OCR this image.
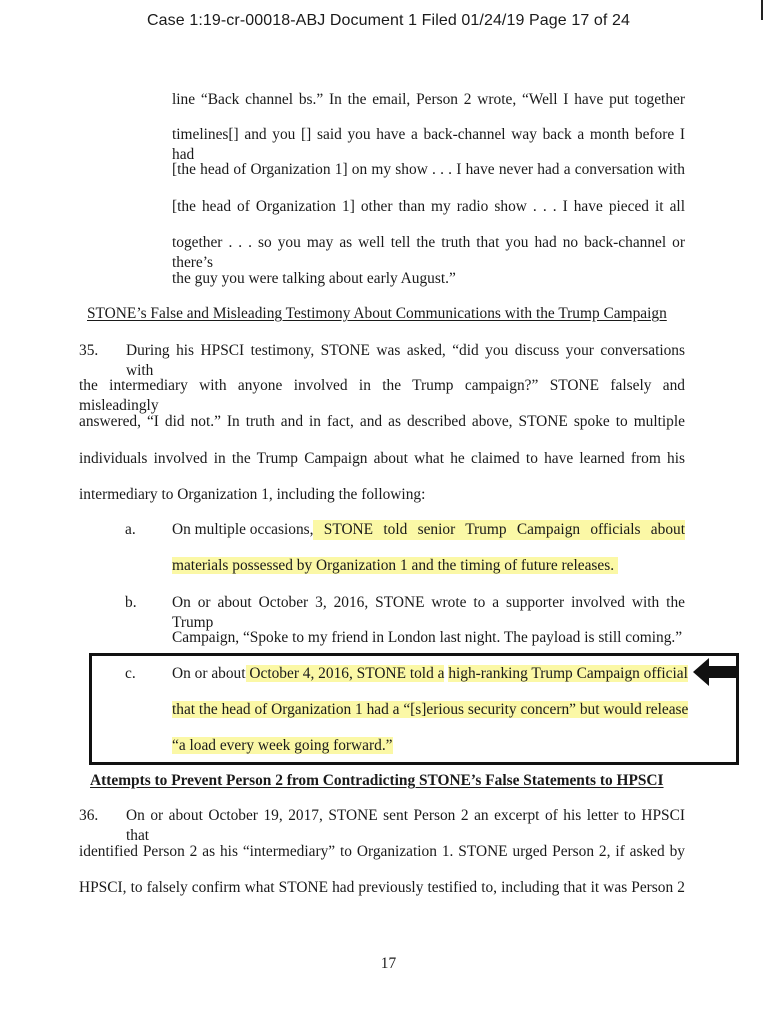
Case 1:19-cr-00018-ABJ Document 1 Filed 01/24/19 Page 17 of 24
line “Back channel bs.” In the email, Person 2 wrote, “Well I have put together
timelines[] and you [] said you have a back-channel way back a month before I had
[the head of Organization 1] on my show . . . I have never had a conversation with
[the head of Organization 1] other than my radio show . . . I have pieced it all
together . . . so you may as well tell the truth that you had no back-channel or there’s
the guy you were talking about early August.”
STONE’s False and Misleading Testimony About Communications with the Trump Campaign
35. During his HPSCI testimony, STONE was asked, “did you discuss your conversations with
the intermediary with anyone involved in the Trump campaign?” STONE falsely and misleadingly
answered, “I did not.” In truth and in fact, and as described above, STONE spoke to multiple
individuals involved in the Trump Campaign about what he claimed to have learned from his
intermediary to Organization 1, including the following:
a. On multiple occasions, STONE told senior Trump Campaign officials about
materials possessed by Organization 1 and the timing of future releases.
b. On or about October 3, 2016, STONE wrote to a supporter involved with the Trump
Campaign, “Spoke to my friend in London last night. The payload is still coming.”
c. On or about October 4, 2016, STONE told a high-ranking Trump Campaign official
that the head of Organization 1 had a “[s]erious security concern” but would release
“a load every week going forward.”
Attempts to Prevent Person 2 from Contradicting STONE’s False Statements to HPSCI
36. On or about October 19, 2017, STONE sent Person 2 an excerpt of his letter to HPSCI that
identified Person 2 as his “intermediary” to Organization 1. STONE urged Person 2, if asked by
HPSCI, to falsely confirm what STONE had previously testified to, including that it was Person 2
17
